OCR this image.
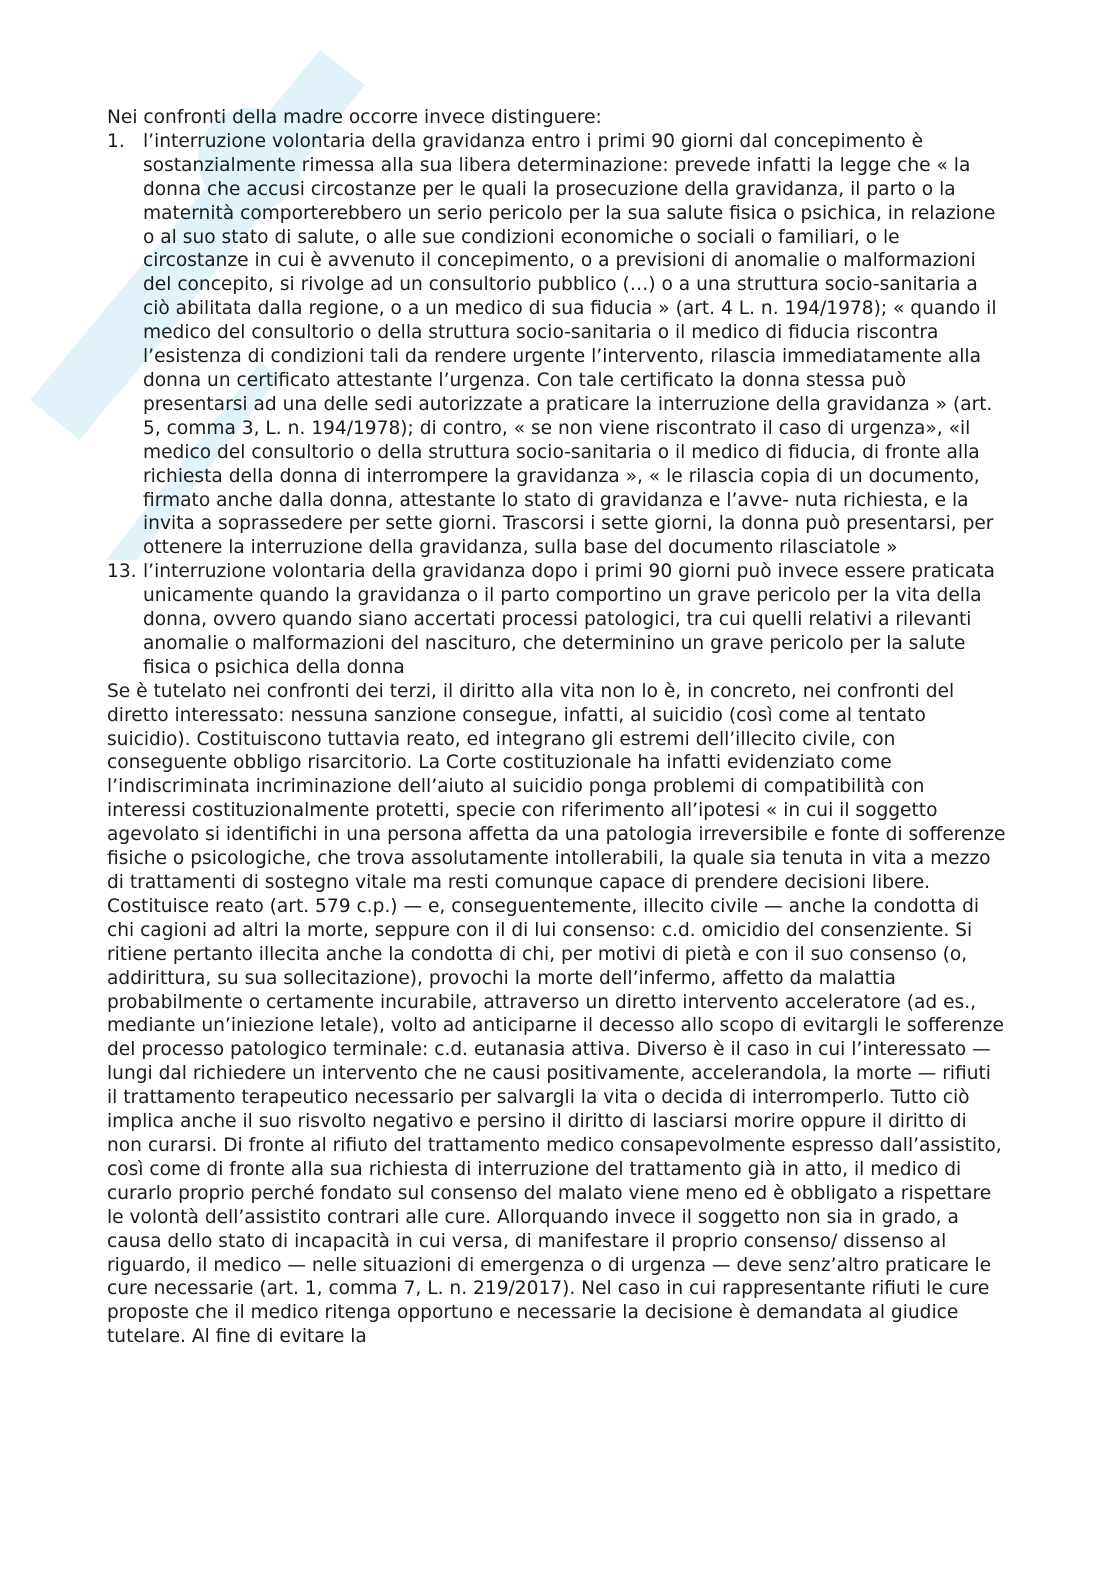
Nei confronti della madre occorre invece distinguere:

1. l’interruzione volontaria della gravidanza entro i primi 90 giorni dal concepimento è sostanzialmente rimessa alla sua libera determinazione: prevede infatti la legge che « la donna che accusi circostanze per le quali la prosecuzione della gravidanza, il parto o la maternità comporterebbero un serio pericolo per la sua salute fisica o psichica, in relazione o al suo stato di salute, o alle sue condizioni economiche o sociali o familiari, o le circostanze in cui è avvenuto il concepimento, o a previsioni di anomalie o malformazioni del concepito, si rivolge ad un consultorio pubblico (…) o a una struttura socio-sanitaria a ciò abilitata dalla regione, o a un medico di sua fiducia » (art. 4 L. n. 194/1978); « quando il medico del consultorio o della struttura socio-sanitaria o il medico di fiducia riscontra l’esistenza di condizioni tali da rendere urgente l’intervento, rilascia immediatamente alla donna un certificato attestante l’urgenza. Con tale certificato la donna stessa può presentarsi ad una delle sedi autorizzate a praticare la interruzione della gravidanza » (art. 5, comma 3, L. n. 194/1978); di contro, « se non viene riscontrato il caso di urgenza», «il medico del consultorio o della struttura socio-sanitaria o il medico di fiducia, di fronte alla richiesta della donna di interrompere la gravidanza », « le rilascia copia di un documento, firmato anche dalla donna, attestante lo stato di gravidanza e l’avve- nuta richiesta, e la invita a soprassedere per sette giorni. Trascorsi i sette giorni, la donna può presentarsi, per ottenere la interruzione della gravidanza, sulla base del documento rilasciatole »
13. l’interruzione volontaria della gravidanza dopo i primi 90 giorni può invece essere praticata unicamente quando la gravidanza o il parto comportino un grave pericolo per la vita della donna, ovvero quando siano accertati processi patologici, tra cui quelli relativi a rilevanti anomalie o malformazioni del nascituro, che determinino un grave pericolo per la salute fisica o psichica della donna

Se è tutelato nei confronti dei terzi, il diritto alla vita non lo è, in concreto, nei confronti del diretto interessato: nessuna sanzione consegue, infatti, al suicidio (così come al tentato suicidio). Costituiscono tuttavia reato, ed integrano gli estremi dell’illecito civile, con conseguente obbligo risarcitorio. La Corte costituzionale ha infatti evidenziato come l’indiscriminata incriminazione dell’aiuto al suicidio ponga problemi di compatibilità con interessi costituzionalmente protetti, specie con riferimento all’ipotesi « in cui il soggetto agevolato si identifichi in una persona affetta da una patologia irreversibile e fonte di sofferenze fisiche o psicologiche, che trova assolutamente intollerabili, la quale sia tenuta in vita a mezzo di trattamenti di sostegno vitale ma resti comunque capace di prendere decisioni libere. Costituisce reato (art. 579 c.p.) — e, conseguentemente, illecito civile — anche la condotta di chi cagioni ad altri la morte, seppure con il di lui consenso: c.d. omicidio del consenziente. Si ritiene pertanto illecita anche la condotta di chi, per motivi di pietà e con il suo consenso (o, addirittura, su sua sollecitazione), provochi la morte dell’infermo, affetto da malattia probabilmente o certamente incurabile, attraverso un diretto intervento acceleratore (ad es., mediante un’iniezione letale), volto ad anticiparne il decesso allo scopo di evitargli le sofferenze del processo patologico terminale: c.d. eutanasia attiva. Diverso è il caso in cui l’interessato — lungi dal richiedere un intervento che ne causi positivamente, accelerandola, la morte — rifiuti il trattamento terapeutico necessario per salvargli la vita o decida di interromperlo. Tutto ciò implica anche il suo risvolto negativo e persino il diritto di lasciarsi morire oppure il diritto di non curarsi. Di fronte al rifiuto del trattamento medico consapevolmente espresso dall’assistito, così come di fronte alla sua richiesta di interruzione del trattamento già in atto, il medico di curarlo proprio perché fondato sul consenso del malato viene meno ed è obbligato a rispettare le volontà dell’assistito contrari alle cure. Allorquando invece il soggetto non sia in grado, a causa dello stato di incapacità in cui versa, di manifestare il proprio consenso/ dissenso al riguardo, il medico — nelle situazioni di emergenza o di urgenza — deve senz’altro praticare le cure necessarie (art. 1, comma 7, L. n. 219/2017). Nel caso in cui rappresentante rifiuti le cure proposte che il medico ritenga opportuno e necessarie la decisione è demandata al giudice tutelare. Al fine di evitare la
